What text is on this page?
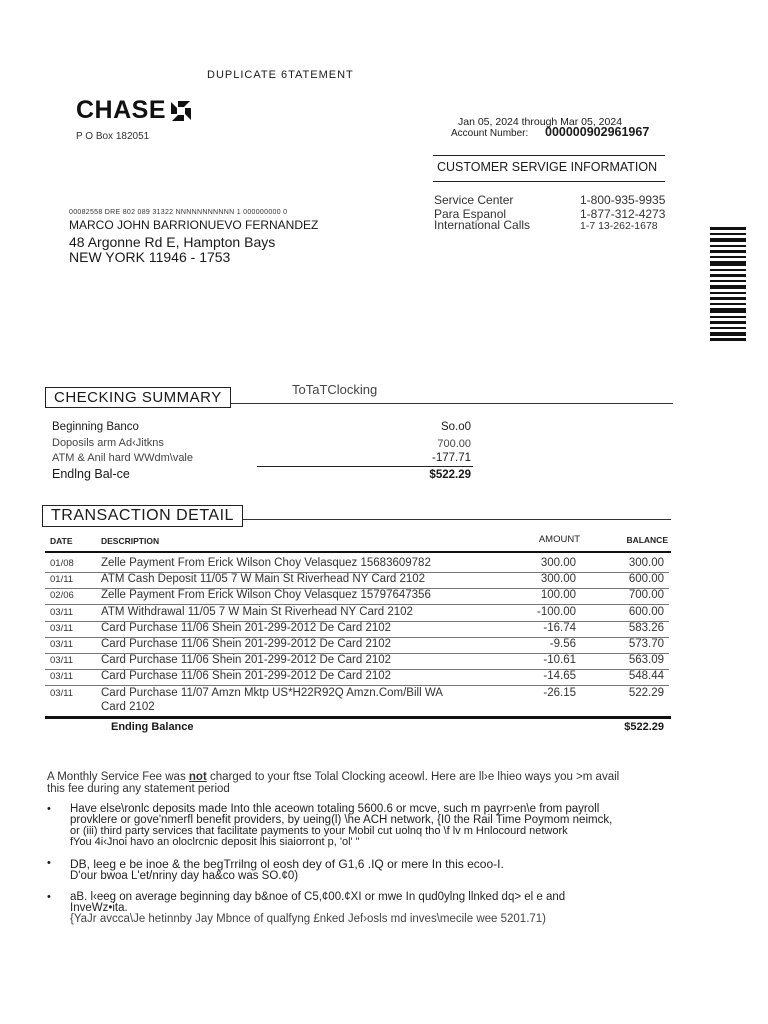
DUPLICATE 6TATEMENT
CHASE
P O Box 182051
Jan 05, 2024 through Mar 05, 2024
Account Number: 000000902961967
CUSTOMER SERVIGE INFORMATION
Service Center	1-800-935-9935
Para Espanol	1-877-312-4273
International Calls	1-7 13-262-1678
00082558 DRE 802 089 31322 NNNNNNNNNNN 1 000000000 0
MARCO JOHN BARRIONUEVO FERNANDEZ
48 Argonne Rd E, Hampton Bays
NEW YORK 11946 - 1753
CHECKING SUMMARY	ToTaTClocking
Beginning Banco	So.o0
Doposils arm Ad‹Jitkns	700.00
ATM & Anil hard WWdm\vale	-177.71
Endlng Bal-ce	$522.29
TRANSACTION DETAIL
DATE	DESCRIPTION	AMOUNT	BALANCE
01/08 Zelle Payment From Erick Wilson Choy Velasquez 15683609782	300.00	300.00
01/11 ATM Cash Deposit 11/05 7 W Main St Riverhead NY Card 2102	300.00	600.00
02/06 Zelle Payment From Erick Wilson Choy Velasquez 15797647356	100.00	700.00
03/11 ATM Withdrawal 11/05 7 W Main St Riverhead NY Card 2102	-100.00	600.00
03/11 Card Purchase 11/06 Shein 201-299-2012 De Card 2102	-16.74	583.26
03/11 Card Purchase 11/06 Shein 201-299-2012 De Card 2102	-9.56	573.70
03/11 Card Purchase 11/06 Shein 201-299-2012 De Card 2102	-10.61	563.09
03/11 Card Purchase 11/06 Shein 201-299-2012 De Card 2102	-14.65	548.44
03/11 Card Purchase 11/07 Amzn Mktp US*H22R92Q Amzn.Com/Bill WA	-26.15	522.29
Card 2102
Ending Balance	$522.29
A Monthly Service Fee was not charged to your ftse Tolal Clocking aceowl. Here are ll›e lhieo ways you >m avail
this fee during any statement period
• Have else\ronlc deposits made Into thle aceown totaling 5600.6 or mcve, such m payrr›en\e from payroll
provklere or gove'nmerfl benefit providers, by ueing(l) \he ACH network, {I0 the Rail Time Poymom neimck,
or (iii) third party services that facilitate payments to your Mobil cut uolnq tho \f lv m Hnlocourd network
fYou 4i‹Jnoi havo an oloclrcnic deposit lhis siaiorront p, 'ol' "
• DB, leeg e be inoe & the begTrrilng ol eosh dey of G1,6 .IQ or mere In this ecoo-I.
D'our bwoa L'et/nriny day ha&co was SO.¢0)
• aB. l‹eeg on average beginning day b&noe of C5,¢00.¢XI or mwe In qud0ylng llnked dq> el e and
InveWz•ita.
{YaJr avcca\Je hetinnby Jay Mbnce of qualfyng £nked Jef›osls md inves\mecile wee 5201.71)
